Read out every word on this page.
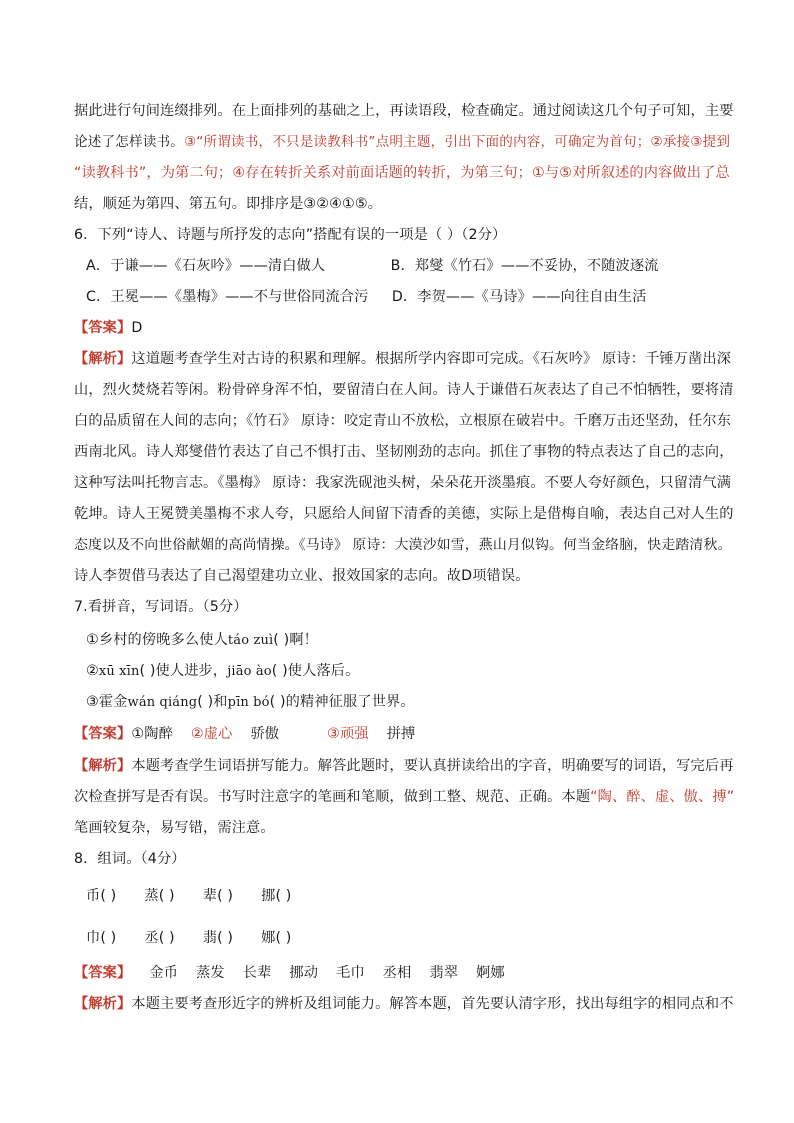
据此进行句间连缀排列。在上面排列的基础之上，再读语段，检查确定。通过阅读这几个句子可知，主要
论述了怎样读书。③“所谓读书，不只是读教科书”点明主题，引出下面的内容，可确定为首句；②承接③提到
“读教科书”，为第二句；④存在转折关系对前面话题的转折，为第三句；①与⑤对所叙述的内容做出了总
结，顺延为第四、第五句。即排序是③②④①⑤。
6．下列“诗人、诗题与所抒发的志向”搭配有误的一项是（ ）（2分）
A．于谦——《石灰吟》——清白做人	B．郑燮《竹石》——不妥协，不随波逐流
C．王冕——《墨梅》——不与世俗同流合污 D．李贺——《马诗》——向往自由生活
【答案】D
【解析】这道题考查学生对古诗的积累和理解。根据所学内容即可完成。《石灰吟》 原诗：千锤万凿出深
山，烈火焚烧若等闲。粉骨碎身浑不怕，要留清白在人间。诗人于谦借石灰表达了自己不怕牺牲，要将清
白的品质留在人间的志向；《竹石》 原诗：咬定青山不放松，立根原在破岩中。千磨万击还坚劲，任尔东
西南北风。诗人郑燮借竹表达了自己不惧打击、坚韧刚劲的志向。抓住了事物的特点表达了自己的志向，
这种写法叫托物言志。《墨梅》 原诗：我家洗砚池头树，朵朵花开淡墨痕。不要人夸好颜色，只留清气满
乾坤。诗人王冕赞美墨梅不求人夸，只愿给人间留下清香的美德，实际上是借梅自喻，表达自己对人生的
态度以及不向世俗献媚的高尚情操。《马诗》 原诗：大漠沙如雪，燕山月似钩。何当金络脑，快走踏清秋。
诗人李贺借马表达了自己渴望建功立业、报效国家的志向。故D项错误。
7.看拼音，写词语。（5分）
①乡村的傍晚多么使人táo zuì( )啊！
②xū xīn( )使人进步，jiāo ào( )使人落后。
③霍金wán qiáng( )和pīn bó( )的精神征服了世界。
【答案】①陶醉 ②虚心 骄傲	③顽强 拼搏
【解析】本题考查学生词语拼写能力。解答此题时，要认真拼读给出的字音，明确要写的词语，写完后再
次检查拼写是否有误。书写时注意字的笔画和笔顺，做到工整、规范、正确。本题“陶、醉、虚、傲、搏”
笔画较复杂，易写错，需注意。
8．组词。（4分）
币( ) 蒸( ) 辈( ) 挪( )
巾( ) 丞( ) 翡( ) 娜( )
【答案】 金币 蒸发 长辈 挪动 毛巾 丞相 翡翠 婀娜
【解析】本题主要考查形近字的辨析及组词能力。解答本题，首先要认清字形，找出每组字的相同点和不
